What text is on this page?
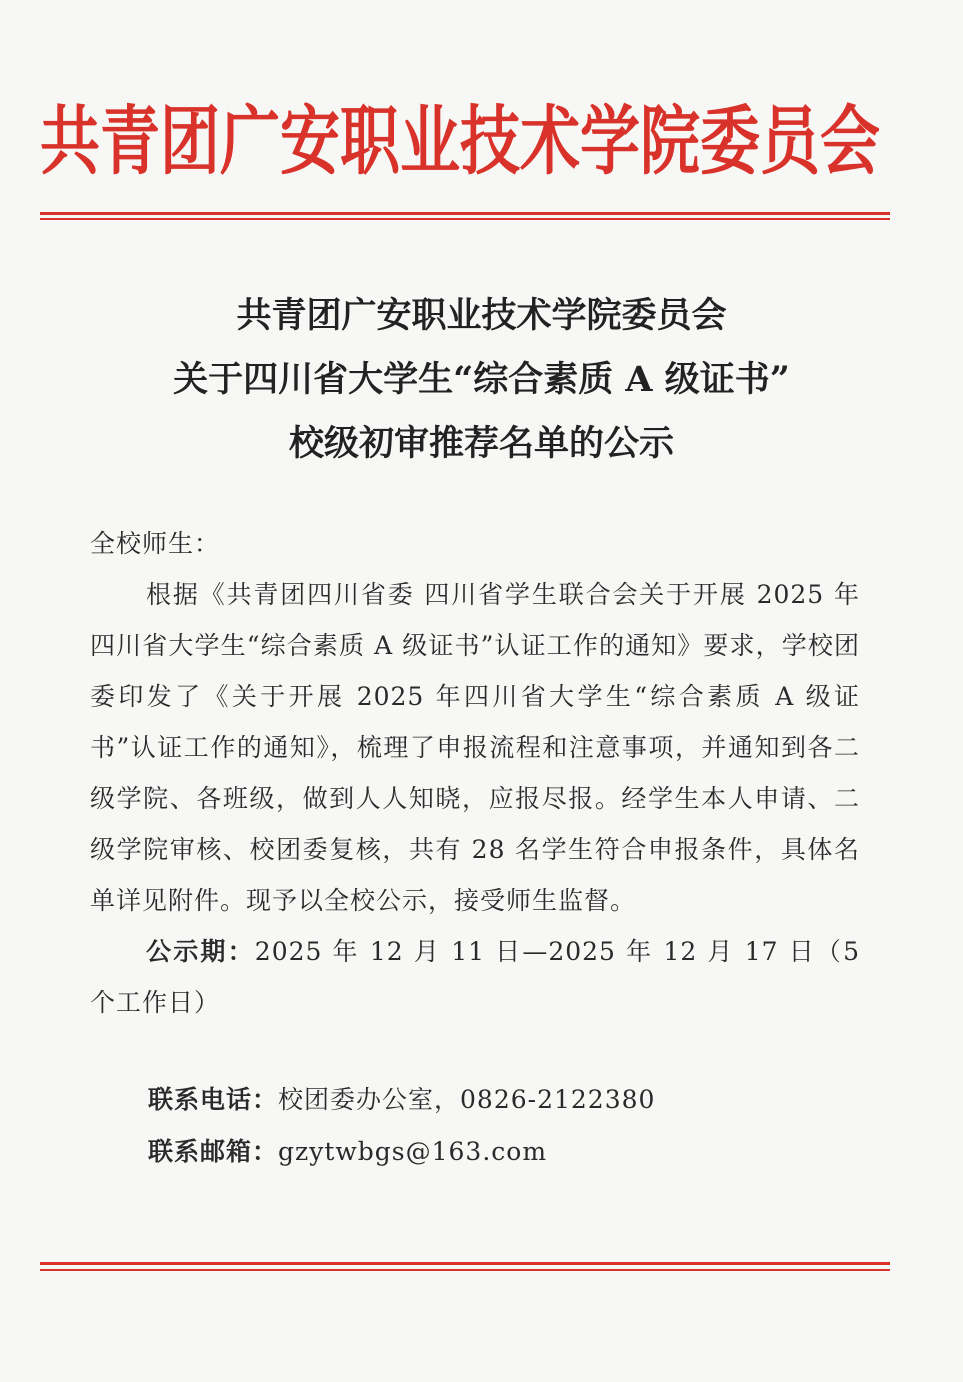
共青团广安职业技术学院委员会
共青团广安职业技术学院委员会
关于四川省大学生“综合素质 A 级证书”
校级初审推荐名单的公示

全校师生：

根据《共青团四川省委 四川省学生联合会关于开展 2025 年四川省大学生“综合素质 A 级证书”认证工作的通知》要求，学校团委印发了《关于开展 2025 年四川省大学生“综合素质 A 级证书”认证工作的通知》，梳理了申报流程和注意事项，并通知到各二级学院、各班级，做到人人知晓，应报尽报。经学生本人申请、二级学院审核、校团委复核，共有 28 名学生符合申报条件，具体名单详见附件。现予以全校公示，接受师生监督。

公示期：2025 年 12 月 11 日—2025 年 12 月 17 日（5 个工作日）

联系电话：校团委办公室，0826-2122380
联系邮箱：gzytwbgs@163.com
